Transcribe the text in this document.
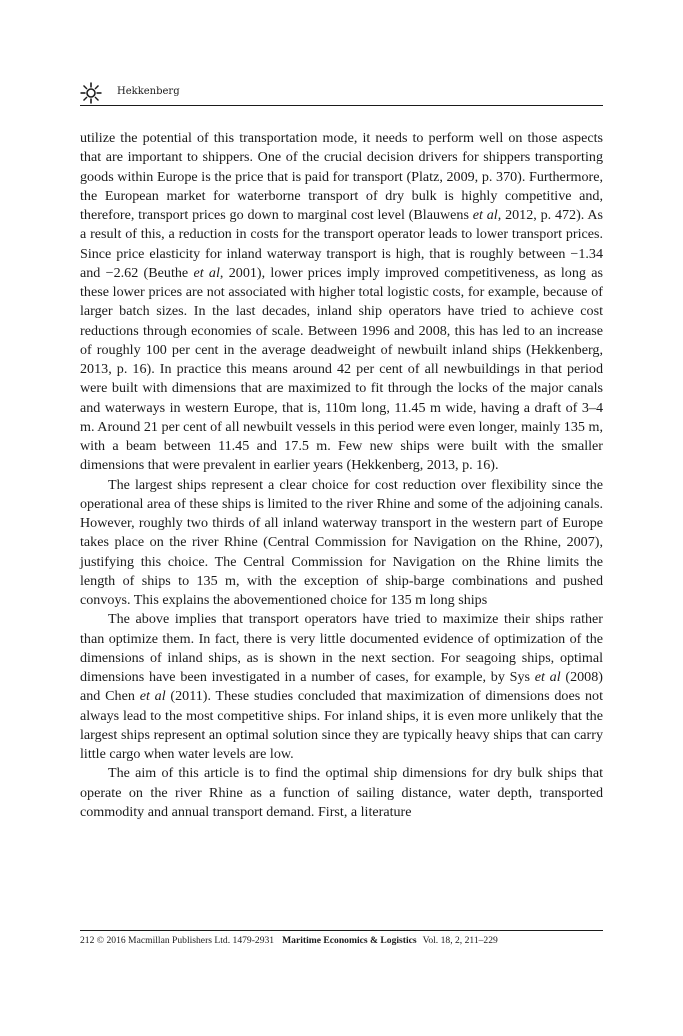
Hekkenberg

utilize the potential of this transportation mode, it needs to perform well on those aspects that are important to shippers. One of the crucial decision drivers for shippers transporting goods within Europe is the price that is paid for transport (Platz, 2009, p. 370). Furthermore, the European market for waterborne transport of dry bulk is highly competitive and, therefore, transport prices go down to marginal cost level (Blauwens et al, 2012, p. 472). As a result of this, a reduction in costs for the transport operator leads to lower transport prices. Since price elasticity for inland waterway transport is high, that is roughly between −1.34 and −2.62 (Beuthe et al, 2001), lower prices imply improved competitiveness, as long as these lower prices are not associated with higher total logistic costs, for example, because of larger batch sizes. In the last decades, inland ship operators have tried to achieve cost reductions through economies of scale. Between 1996 and 2008, this has led to an increase of roughly 100 per cent in the average deadweight of newbuilt inland ships (Hekkenberg, 2013, p. 16). In practice this means around 42 per cent of all newbuildings in that period were built with dimensions that are maximized to fit through the locks of the major canals and waterways in western Europe, that is, 110m long, 11.45 m wide, having a draft of 3–4 m. Around 21 per cent of all newbuilt vessels in this period were even longer, mainly 135 m, with a beam between 11.45 and 17.5 m. Few new ships were built with the smaller dimensions that were prevalent in earlier years (Hekkenberg, 2013, p. 16).

The largest ships represent a clear choice for cost reduction over flexibility since the operational area of these ships is limited to the river Rhine and some of the adjoining canals. However, roughly two thirds of all inland waterway transport in the western part of Europe takes place on the river Rhine (Central Commission for Navigation on the Rhine, 2007), justifying this choice. The Central Commission for Navigation on the Rhine limits the length of ships to 135 m, with the exception of ship-barge combinations and pushed convoys. This explains the abovementioned choice for 135 m long ships

The above implies that transport operators have tried to maximize their ships rather than optimize them. In fact, there is very little documented evidence of optimization of the dimensions of inland ships, as is shown in the next section. For seagoing ships, optimal dimensions have been investigated in a number of cases, for example, by Sys et al (2008) and Chen et al (2011). These studies concluded that maximization of dimensions does not always lead to the most competitive ships. For inland ships, it is even more unlikely that the largest ships represent an optimal solution since they are typically heavy ships that can carry little cargo when water levels are low.

The aim of this article is to find the optimal ship dimensions for dry bulk ships that operate on the river Rhine as a function of sailing distance, water depth, transported commodity and annual transport demand. First, a literature

212 © 2016 Macmillan Publishers Ltd. 1479-2931 Maritime Economics & Logistics Vol. 18, 2, 211–229
